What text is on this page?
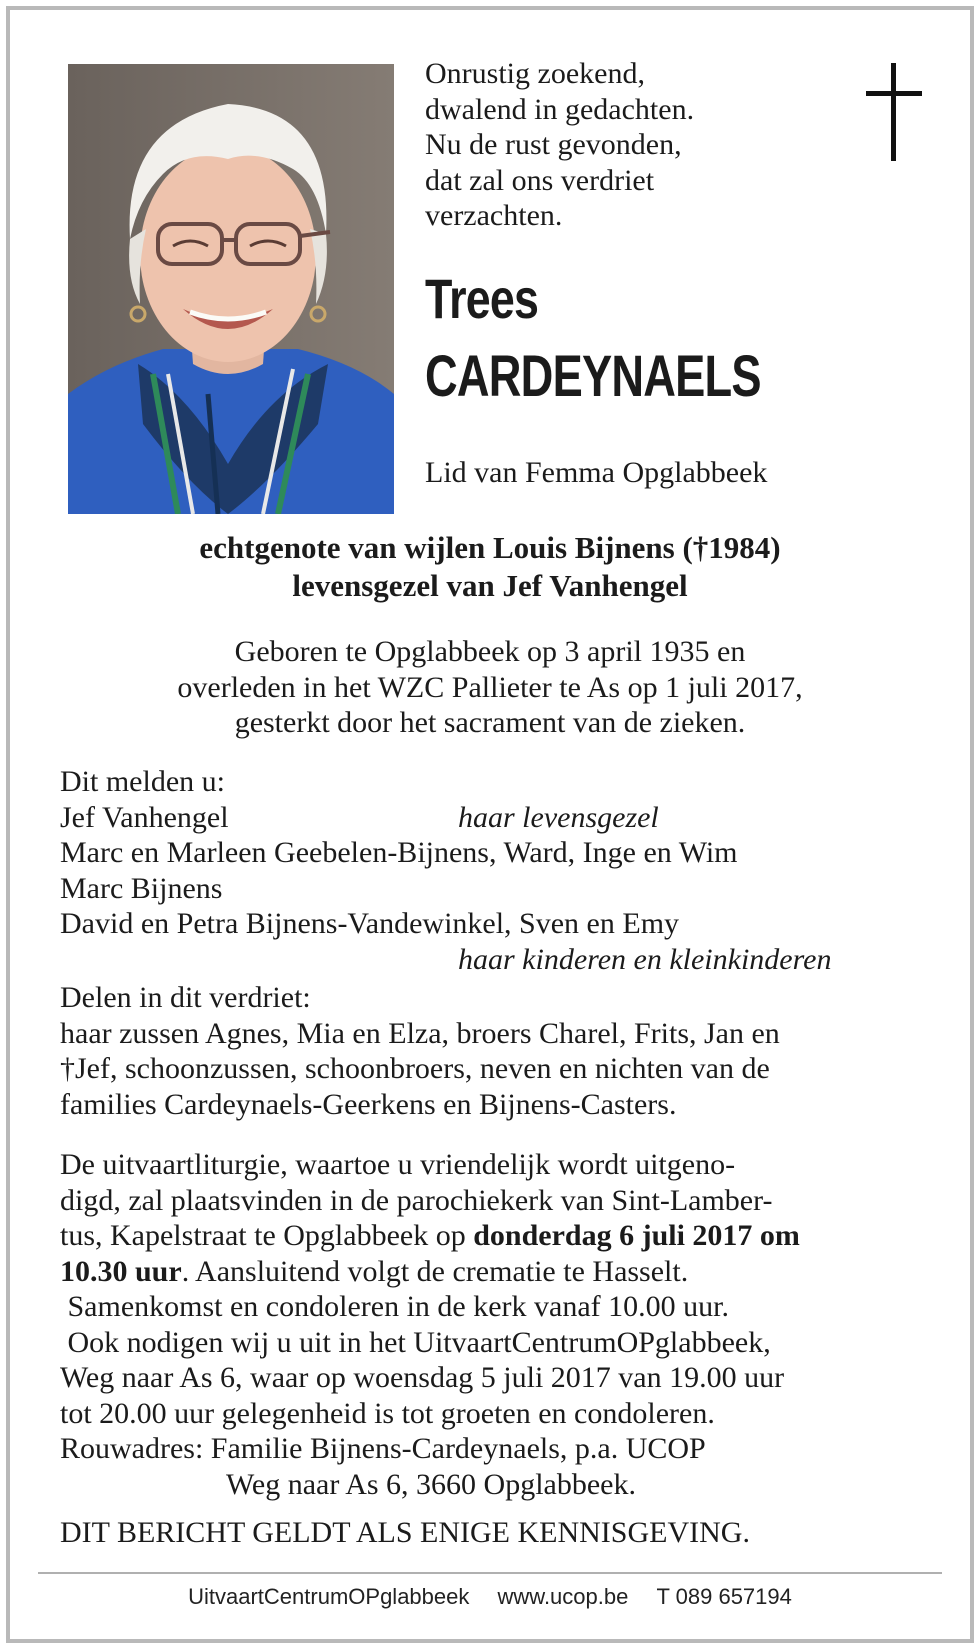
Onrustig zoekend,
dwalend in gedachten.
Nu de rust gevonden,
dat zal ons verdriet
verzachten.
Trees
CARDEYNAELS
Lid van Femma Opglabbeek
echtgenote van wijlen Louis Bijnens (†1984)
levensgezel van Jef Vanhengel
Geboren te Opglabbeek op 3 april 1935 en
overleden in het WZC Pallieter te As op 1 juli 2017,
gesterkt door het sacrament van de zieken.
Dit melden u:
Jef Vanhengel	haar levensgezel
Marc en Marleen Geebelen-Bijnens, Ward, Inge en Wim
Marc Bijnens
David en Petra Bijnens-Vandewinkel, Sven en Emy
haar kinderen en kleinkinderen
Delen in dit verdriet:
haar zussen Agnes, Mia en Elza, broers Charel, Frits, Jan en
†Jef, schoonzussen, schoonbroers, neven en nichten van de
families Cardeynaels-Geerkens en Bijnens-Casters.
De uitvaartliturgie, waartoe u vriendelijk wordt uitgeno-
digd, zal plaatsvinden in de parochiekerk van Sint-Lamber-
tus, Kapelstraat te Opglabbeek op donderdag 6 juli 2017 om
10.30 uur. Aansluitend volgt de crematie te Hasselt.
Samenkomst en condoleren in de kerk vanaf 10.00 uur.
Ook nodigen wij u uit in het UitvaartCentrumOPglabbeek,
Weg naar As 6, waar op woensdag 5 juli 2017 van 19.00 uur
tot 20.00 uur gelegenheid is tot groeten en condoleren.
Rouwadres: Familie Bijnens-Cardeynaels, p.a. UCOP
Weg naar As 6, 3660 Opglabbeek.
DIT BERICHT GELDT ALS ENIGE KENNISGEVING.
UitvaartCentrumOPglabbeek www.ucop.be T 089 657194
